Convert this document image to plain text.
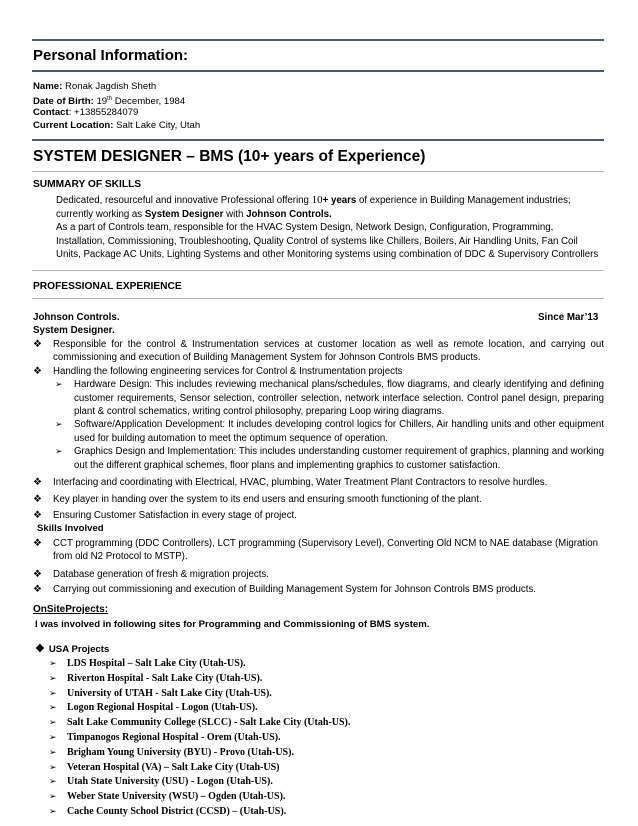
Personal Information:
Name: Ronak Jagdish Sheth
Date of Birth: 19th December, 1984
Contact: +13855284079
Current Location: Salt Lake City, Utah
SYSTEM DESIGNER – BMS (10+ years of Experience)
SUMMARY OF SKILLS

Dedicated, resourceful and innovative Professional offering 10+ years of experience in Building Management industries; currently working as System Designer with Johnson Controls.

As a part of Controls team, responsible for the HVAC System Design, Network Design, Configuration, Programming, Installation, Commissioning, Troubleshooting, Quality Control of systems like Chillers, Boilers, Air Handling Units, Fan Coil Units, Package AC Units, Lighting Systems and other Monitoring systems using combination of DDC & Supervisory Controllers

PROFESSIONAL EXPERIENCE
Johnson Controls.	Since Mar’13
System Designer.
❖ Responsible for the control & Instrumentation services at customer location as well as remote location, and carrying out commissioning and execution of Building Management System for Johnson Controls BMS products.
❖ Handling the following engineering services for Control & Instrumentation projects
➢ Hardware Design: This includes reviewing mechanical plans/schedules, flow diagrams, and clearly identifying and defining customer requirements, Sensor selection, controller selection, network interface selection. Control panel design, preparing plant & control schematics, writing control philosophy, preparing Loop wiring diagrams.
➢ Software/Application Development: It includes developing control logics for Chillers, Air handling units and other equipment used for building automation to meet the optimum sequence of operation.
➢ Graphics Design and Implementation: This includes understanding customer requirement of graphics, planning and working out the different graphical schemes, floor plans and implementing graphics to customer satisfaction.
❖ Interfacing and coordinating with Electrical, HVAC, plumbing, Water Treatment Plant Contractors to resolve hurdles.
❖ Key player in handing over the system to its end users and ensuring smooth functioning of the plant.
❖ Ensuring Customer Satisfaction in every stage of project.
Skills Involved
❖ CCT programming (DDC Controllers), LCT programming (Supervisory Level), Converting Old NCM to NAE database (Migration from old N2 Protocol to MSTP).
❖ Database generation of fresh & migration projects.
❖ Carrying out commissioning and execution of Building Management System for Johnson Controls BMS products.
OnSiteProjects:
I was involved in following sites for Programming and Commissioning of BMS system.
❖ USA Projects
➢ LDS Hospital – Salt Lake City (Utah-US).
➢ Riverton Hospital - Salt Lake City (Utah-US).
➢ University of UTAH - Salt Lake City (Utah-US).
➢ Logon Regional Hospital - Logon (Utah-US).
➢ Salt Lake Community College (SLCC) - Salt Lake City (Utah-US).
➢ Timpanogos Regional Hospital - Orem (Utah-US).
➢ Brigham Young University (BYU) - Provo (Utah-US).
➢ Veteran Hospital (VA) – Salt Lake City (Utah-US)
➢ Utah State University (USU) - Logon (Utah-US).
➢ Weber State University (WSU) – Ogden (Utah-US).
➢ Cache County School District (CCSD) – (Utah-US).
